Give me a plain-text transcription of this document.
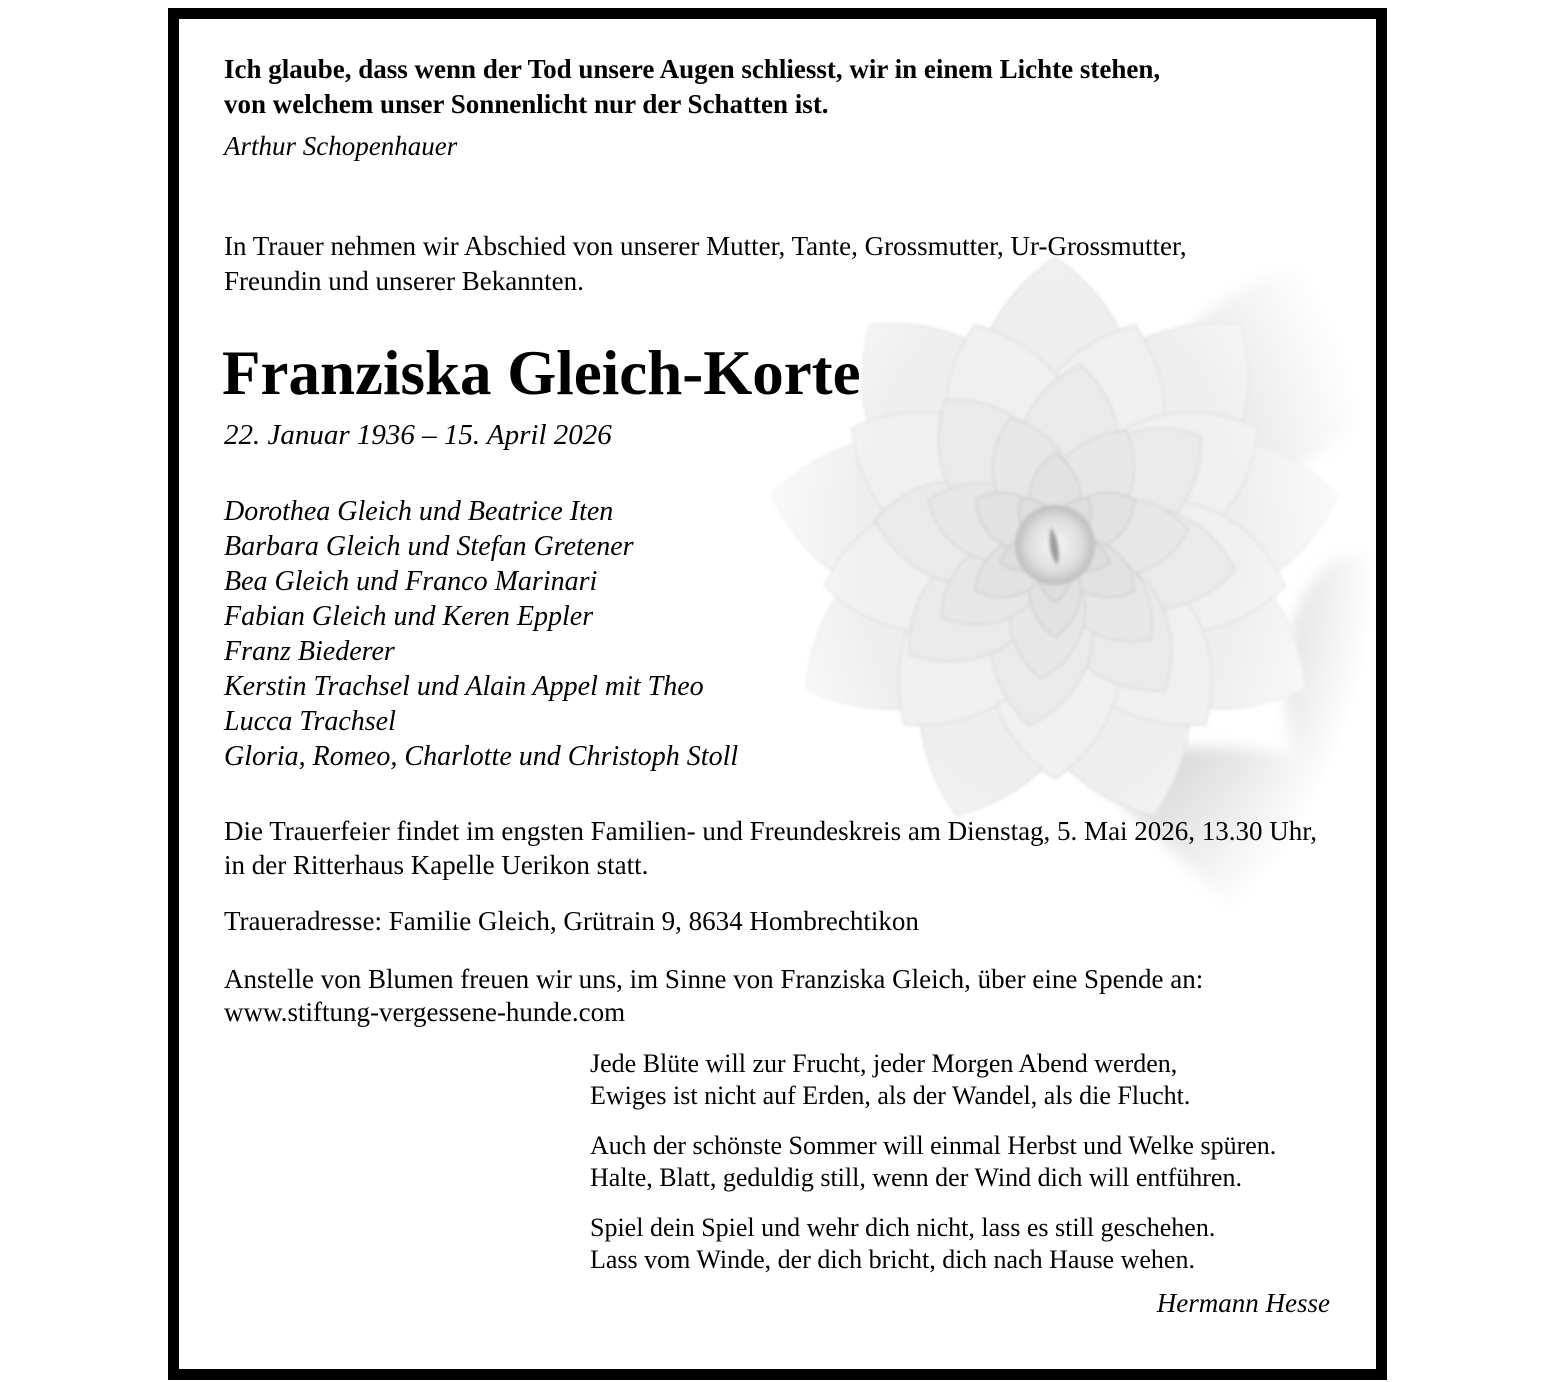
Ich glaube, dass wenn der Tod unsere Augen schliesst, wir in einem Lichte stehen,
von welchem unser Sonnenlicht nur der Schatten ist.
Arthur Schopenhauer
In Trauer nehmen wir Abschied von unserer Mutter, Tante, Grossmutter, Ur-Grossmutter,
Freundin und unserer Bekannten.
Franziska Gleich-Korte
22. Januar 1936 – 15. April 2026
Dorothea Gleich und Beatrice Iten
Barbara Gleich und Stefan Gretener
Bea Gleich und Franco Marinari
Fabian Gleich und Keren Eppler
Franz Biederer
Kerstin Trachsel und Alain Appel mit Theo
Lucca Trachsel
Gloria, Romeo, Charlotte und Christoph Stoll
Die Trauerfeier findet im engsten Familien- und Freundeskreis am Dienstag, 5. Mai 2026, 13.30 Uhr,
in der Ritterhaus Kapelle Uerikon statt.
Traueradresse: Familie Gleich, Grütrain 9, 8634 Hombrechtikon
Anstelle von Blumen freuen wir uns, im Sinne von Franziska Gleich, über eine Spende an:
www.stiftung-vergessene-hunde.com
Jede Blüte will zur Frucht, jeder Morgen Abend werden,
Ewiges ist nicht auf Erden, als der Wandel, als die Flucht.
Auch der schönste Sommer will einmal Herbst und Welke spüren.
Halte, Blatt, geduldig still, wenn der Wind dich will entführen.
Spiel dein Spiel und wehr dich nicht, lass es still geschehen.
Lass vom Winde, der dich bricht, dich nach Hause wehen.
Hermann Hesse
